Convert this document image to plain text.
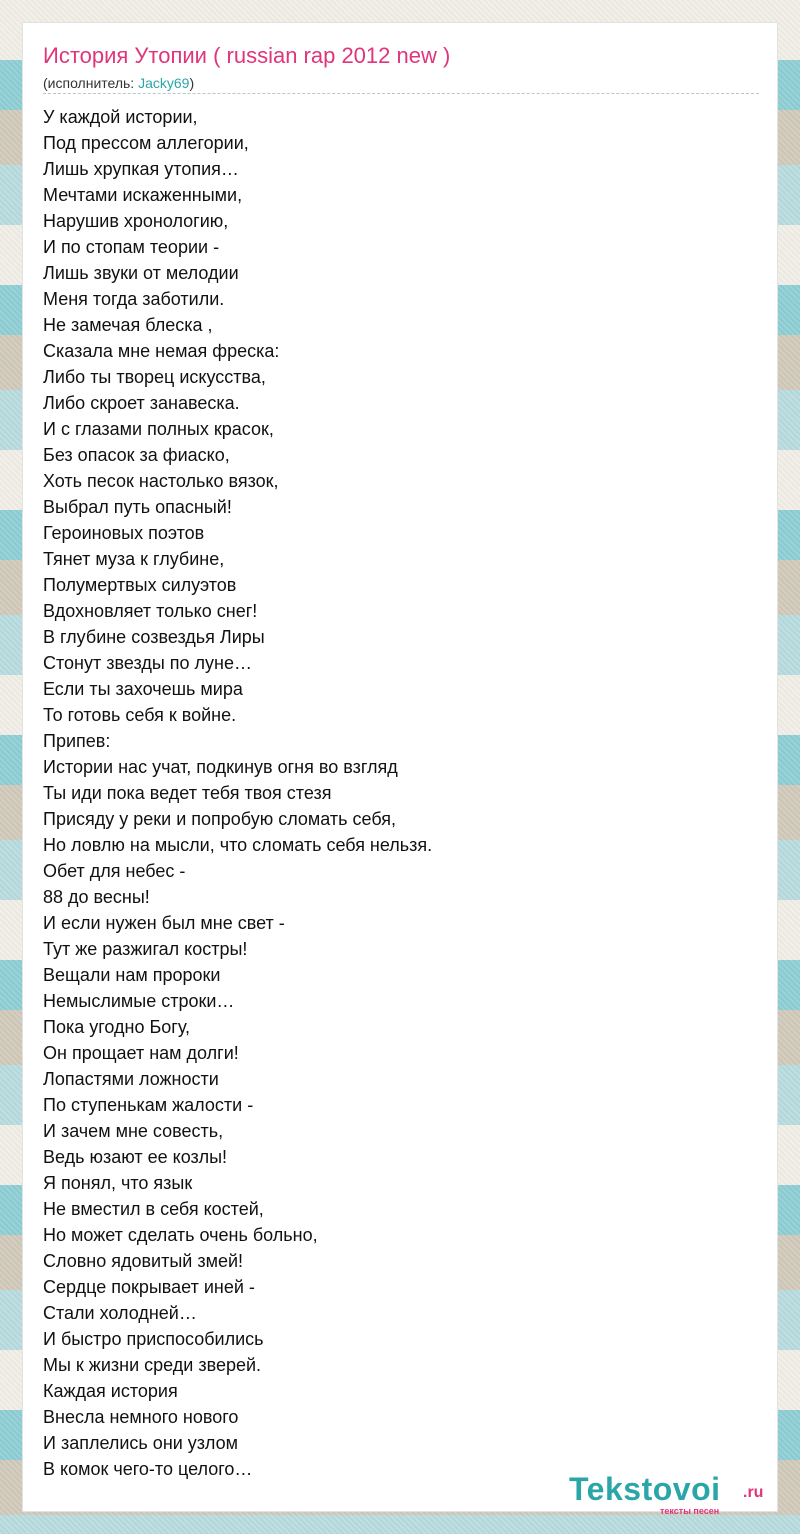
История Утопии ( russian rap 2012 new )
(исполнитель: Jacky69)
У каждой истории,
Под прессом аллегории,
Лишь хрупкая утопия…
Мечтами искаженными,
Нарушив хронологию,
И по стопам теории -
Лишь звуки от мелодии
Меня тогда заботили.
Не замечая блеска ,
Сказала мне немая фреска:
Либо ты творец искусства,
Либо скроет занавеска.
И с глазами полных красок,
Без опасок за фиаско,
Хоть песок настолько вязок,
Выбрал путь опасный!
Героиновых поэтов
Тянет муза к глубине,
Полумертвых силуэтов
Вдохновляет только снег!
В глубине созвездья Лиры
Стонут звезды по луне…
Если ты захочешь мира
То готовь себя к войне.
Припев:
Истории нас учат, подкинув огня во взгляд
Ты иди пока ведет тебя твоя стезя
Присяду у реки и попробую сломать себя,
Но ловлю на мысли, что сломать себя нельзя.
Обет для небес -
88 до весны!
И если нужен был мне свет -
Тут же разжигал костры!
Вещали нам пророки
Немыслимые строки…
Пока угодно Богу,
Он прощает нам долги!
Лопастями ложности
По ступенькам жалости -
И зачем мне совесть,
Ведь юзают ее козлы!
Я понял, что язык
Не вместил в себя костей,
Но может сделать очень больно,
Словно ядовитый змей!
Сердце покрывает иней -
Стали холодней…
И быстро приспособились
Мы к жизни среди зверей.
Каждая история
Внесла немного нового
И заплелись они узлом
В комок чего-то целого…
Tekstovoi .ru
тексты песен
